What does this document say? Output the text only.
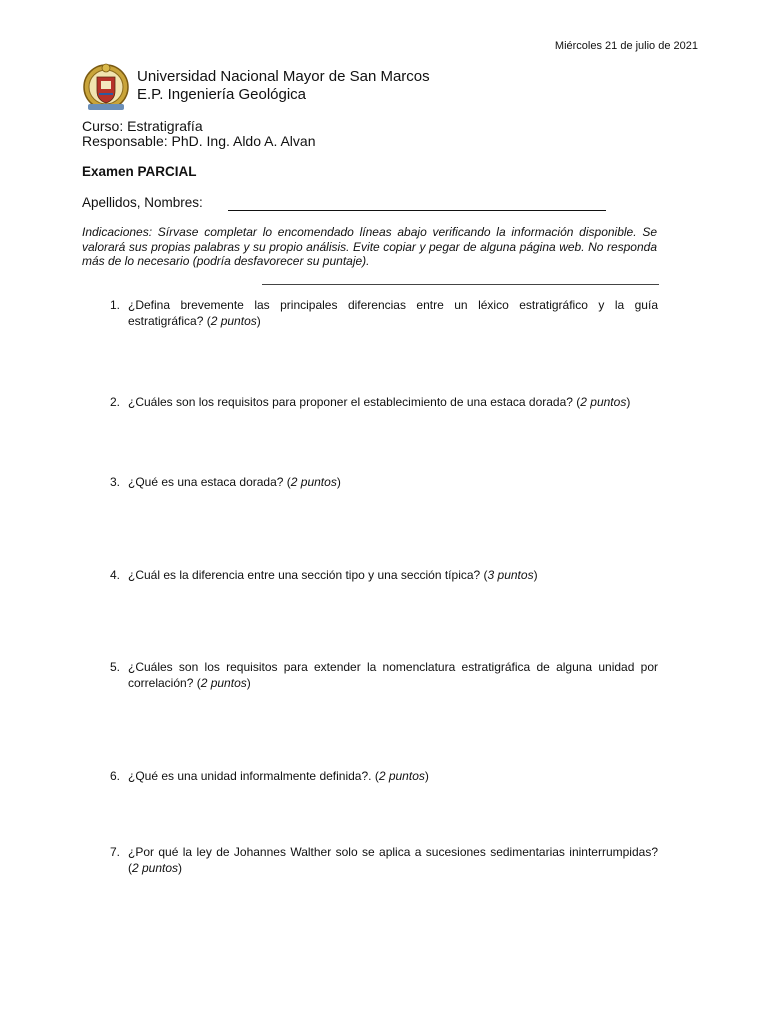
Miércoles 21 de julio de 2021
Universidad Nacional Mayor de San Marcos
E.P. Ingeniería Geológica
Curso: Estratigrafía
Responsable: PhD. Ing. Aldo A. Alvan
Examen PARCIAL
Apellidos, Nombres:
Indicaciones: Sírvase completar lo encomendado líneas abajo verificando la información disponible. Se valorará sus propias palabras y su propio análisis. Evite copiar y pegar de alguna página web. No responda más de lo necesario (podría desfavorecer su puntaje).
1. ¿Defina brevemente las principales diferencias entre un léxico estratigráfico y la guía estratigráfica? (2 puntos)
2. ¿Cuáles son los requisitos para proponer el establecimiento de una estaca dorada? (2 puntos)
3. ¿Qué es una estaca dorada? (2 puntos)
4. ¿Cuál es la diferencia entre una sección tipo y una sección típica? (3 puntos)
5. ¿Cuáles son los requisitos para extender la nomenclatura estratigráfica de alguna unidad por correlación? (2 puntos)
6. ¿Qué es una unidad informalmente definida?. (2 puntos)
7. ¿Por qué la ley de Johannes Walther solo se aplica a sucesiones sedimentarias ininterrumpidas? (2 puntos)
